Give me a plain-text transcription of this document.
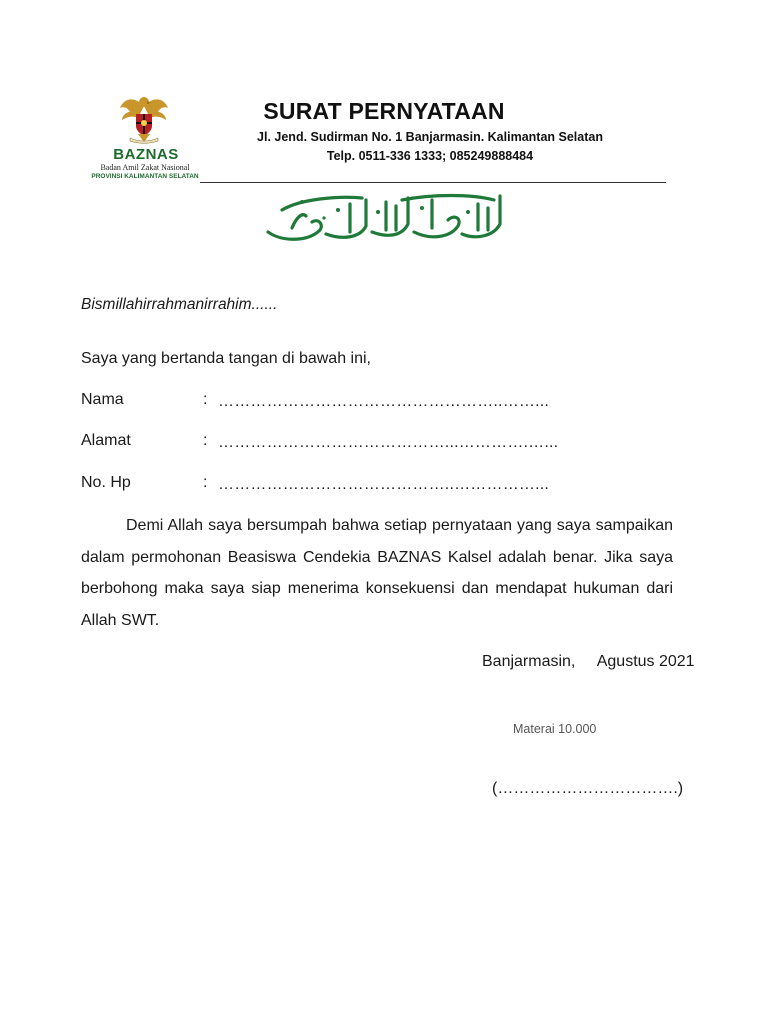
BAZNAS
Badan Amil Zakat Nasional
PROVINSI KALIMANTAN SELATAN
SURAT PERNYATAAN
Jl. Jend. Sudirman No. 1 Banjarmasin. Kalimantan Selatan
Telp. 0511-336 1333; 085249888484
Bismillahirrahmanirrahim......
Saya yang bertanda tangan di bawah ini,
Nama	: ……………………………………………..……...
Alamat	: ……………………………………...………….…...
No. Hp	: ……………………………………..……………...
Demi Allah saya bersumpah bahwa setiap pernyataan yang saya sampaikan dalam permohonan Beasiswa Cendekia BAZNAS Kalsel adalah benar. Jika saya berbohong maka saya siap menerima konsekuensi dan mendapat hukuman dari Allah SWT.
Banjarmasin,     Agustus 2021
Materai 10.000
(…………………………….)
